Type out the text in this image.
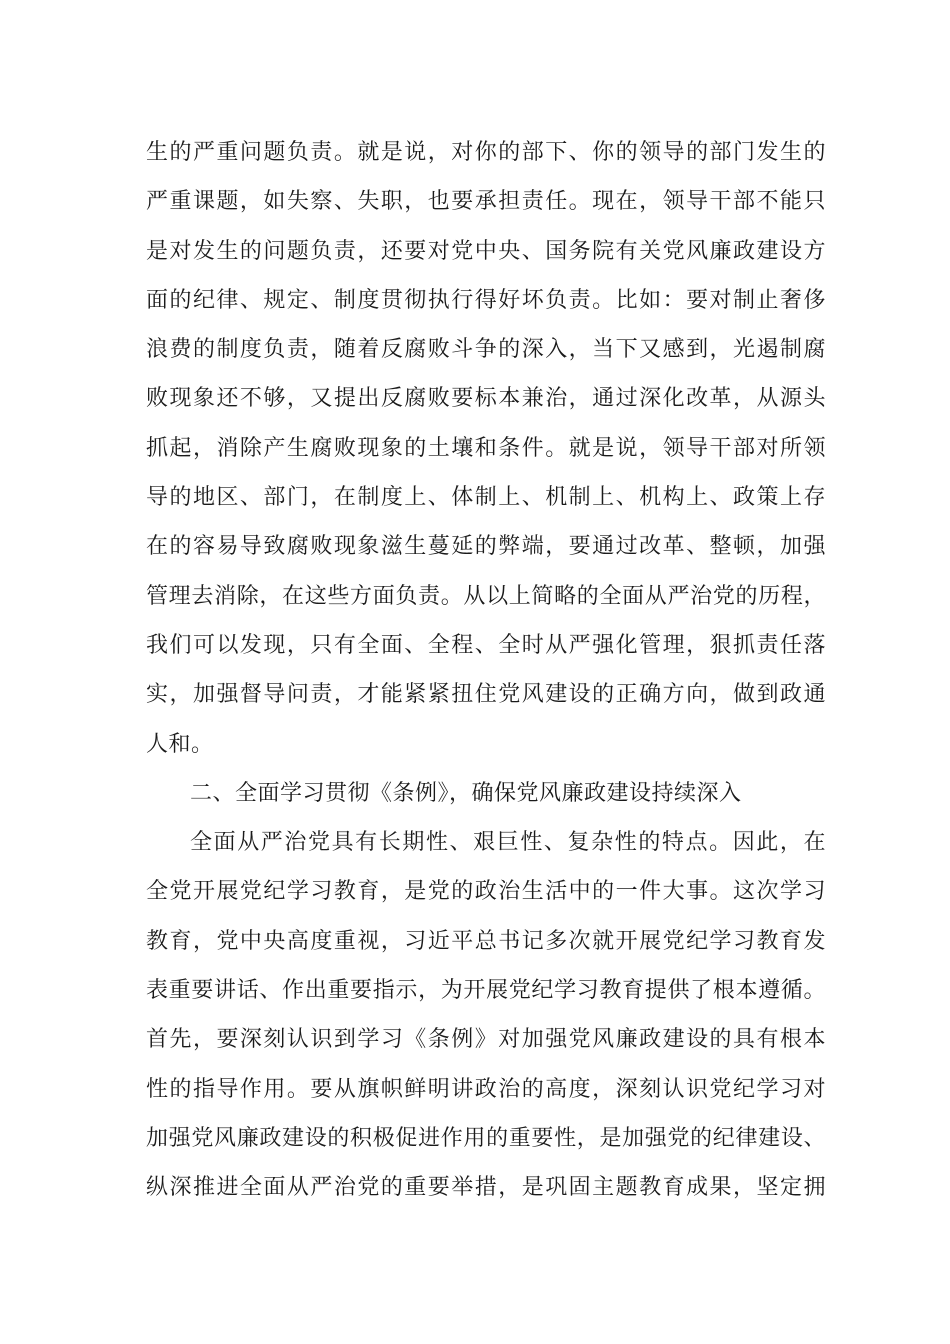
生的严重问题负责。就是说，对你的部下、你的领导的部门发生的
严重课题，如失察、失职，也要承担责任。现在，领导干部不能只
是对发生的问题负责，还要对党中央、国务院有关党风廉政建设方
面的纪律、规定、制度贯彻执行得好坏负责。比如：要对制止奢侈
浪费的制度负责，随着反腐败斗争的深入，当下又感到，光遏制腐
败现象还不够，又提出反腐败要标本兼治，通过深化改革，从源头
抓起，消除产生腐败现象的土壤和条件。就是说，领导干部对所领
导的地区、部门，在制度上、体制上、机制上、机构上、政策上存
在的容易导致腐败现象滋生蔓延的弊端，要通过改革、整顿，加强
管理去消除，在这些方面负责。从以上简略的全面从严治党的历程，
我们可以发现，只有全面、全程、全时从严强化管理，狠抓责任落
实，加强督导问责，才能紧紧扭住党风建设的正确方向，做到政通
人和。
二、全面学习贯彻《条例》，确保党风廉政建设持续深入
全面从严治党具有长期性、艰巨性、复杂性的特点。因此，在
全党开展党纪学习教育，是党的政治生活中的一件大事。这次学习
教育，党中央高度重视，习近平总书记多次就开展党纪学习教育发
表重要讲话、作出重要指示，为开展党纪学习教育提供了根本遵循。
首先，要深刻认识到学习《条例》对加强党风廉政建设的具有根本
性的指导作用。要从旗帜鲜明讲政治的高度，深刻认识党纪学习对
加强党风廉政建设的积极促进作用的重要性，是加强党的纪律建设、
纵深推进全面从严治党的重要举措，是巩固主题教育成果，坚定拥
